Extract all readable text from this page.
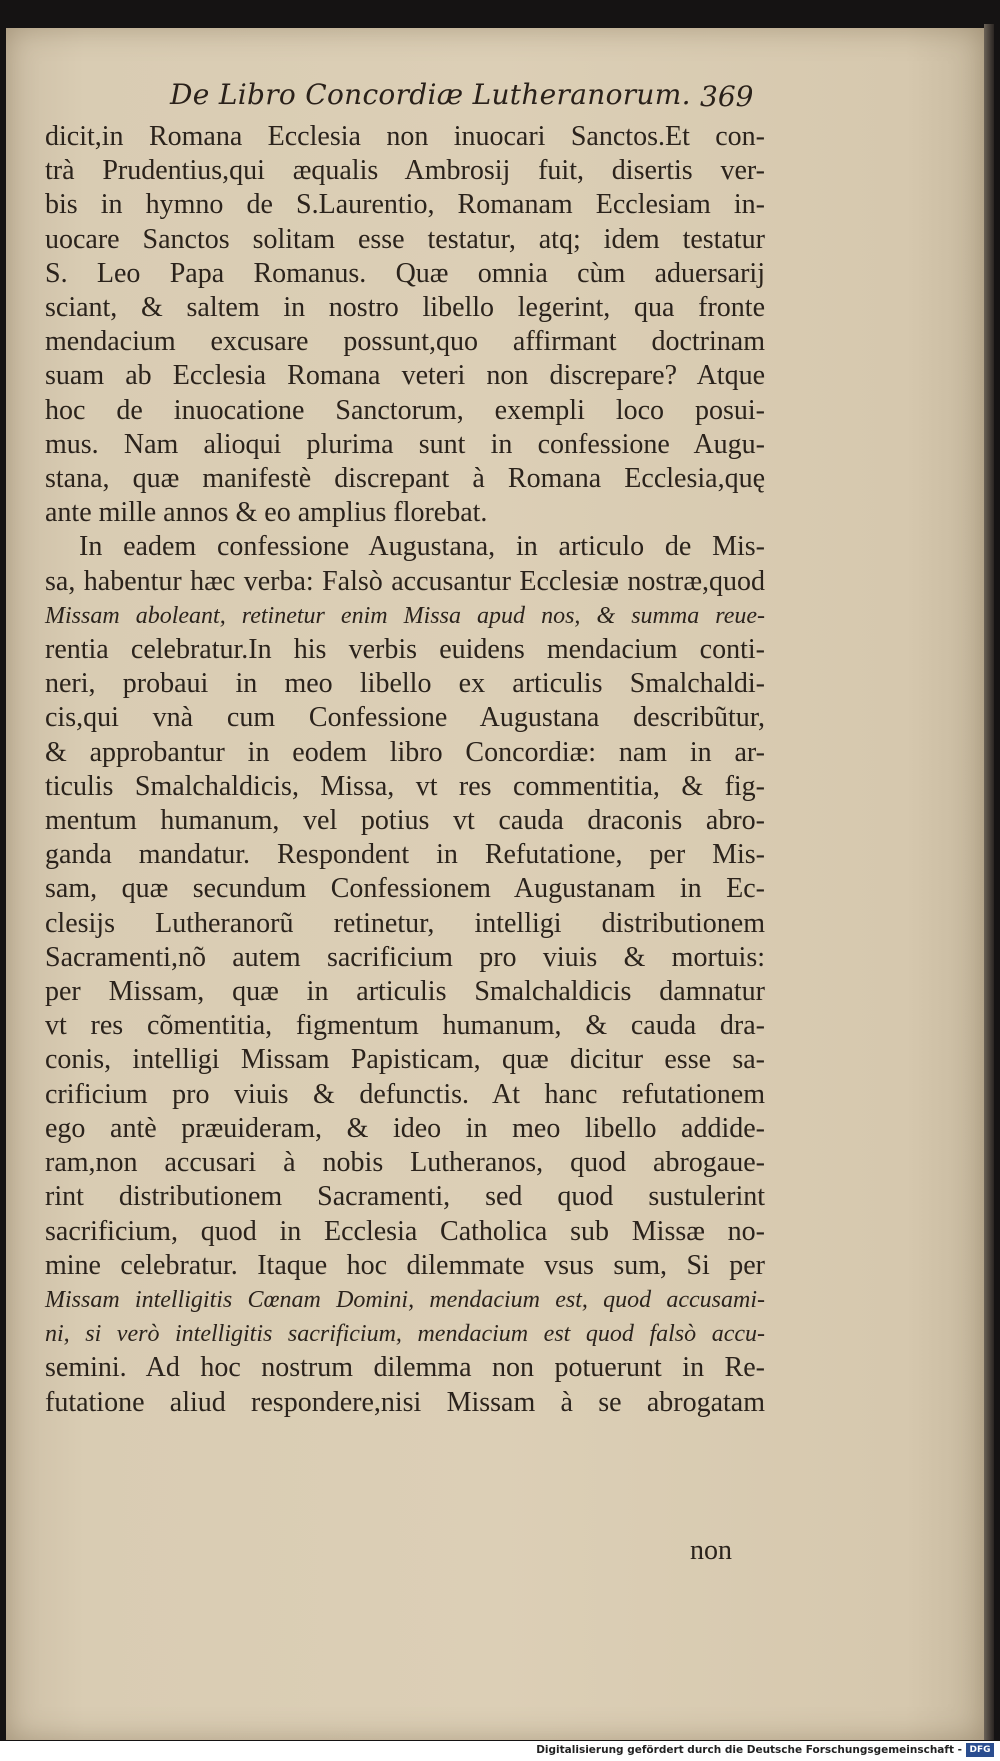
De Libro Concordiæ Lutheranorum. 369
dicit,in Romana Ecclesia non inuocari Sanctos.Et con-
trà Prudentius,qui æqualis Ambrosij fuit, disertis ver-
bis in hymno de S.Laurentio, Romanam Ecclesiam in-
uocare Sanctos solitam esse testatur, atq; idem testatur
S. Leo Papa Romanus. Quæ omnia cùm aduersarij
sciant, & saltem in nostro libello legerint, qua fronte
mendacium excusare possunt,quo affirmant doctrinam
suam ab Ecclesia Romana veteri non discrepare? Atque
hoc de inuocatione Sanctorum, exempli loco posui-
mus. Nam alioqui plurima sunt in confessione Augu-
stana, quæ manifestè discrepant à Romana Ecclesia,quę
ante mille annos & eo amplius florebat.
In eadem confessione Augustana, in articulo de Mis-
sa, habentur hæc verba: Falsò accusantur Ecclesiæ nostræ,quod
Missam aboleant, retinetur enim Missa apud nos, & summa reue-
rentia celebratur.In his verbis euidens mendacium conti-
neri, probaui in meo libello ex articulis Smalchaldi-
cis,qui vnà cum Confessione Augustana describũtur,
& approbantur in eodem libro Concordiæ: nam in ar-
ticulis Smalchaldicis, Missa, vt res commentitia, & fig-
mentum humanum, vel potius vt cauda draconis abro-
ganda mandatur. Respondent in Refutatione, per Mis-
sam, quæ secundum Confessionem Augustanam in Ec-
clesijs Lutheranorũ retinetur, intelligi distributionem
Sacramenti,nõ autem sacrificium pro viuis & mortuis:
per Missam, quæ in articulis Smalchaldicis damnatur
vt res cõmentitia, figmentum humanum, & cauda dra-
conis, intelligi Missam Papisticam, quæ dicitur esse sa-
crificium pro viuis & defunctis. At hanc refutationem
ego antè præuideram, & ideo in meo libello addide-
ram,non accusari à nobis Lutheranos, quod abrogaue-
rint distributionem Sacramenti, sed quod sustulerint
sacrificium, quod in Ecclesia Catholica sub Missæ no-
mine celebratur. Itaque hoc dilemmate vsus sum, Si per
Missam intelligitis Cœnam Domini, mendacium est, quod accusami-
ni, si verò intelligitis sacrificium, mendacium est quod falsò accu-
semini. Ad hoc nostrum dilemma non potuerunt in Re-
futatione aliud respondere,nisi Missam à se abrogatam
non
Digitalisierung gefördert durch die Deutsche Forschungsgemeinschaft - DFG
